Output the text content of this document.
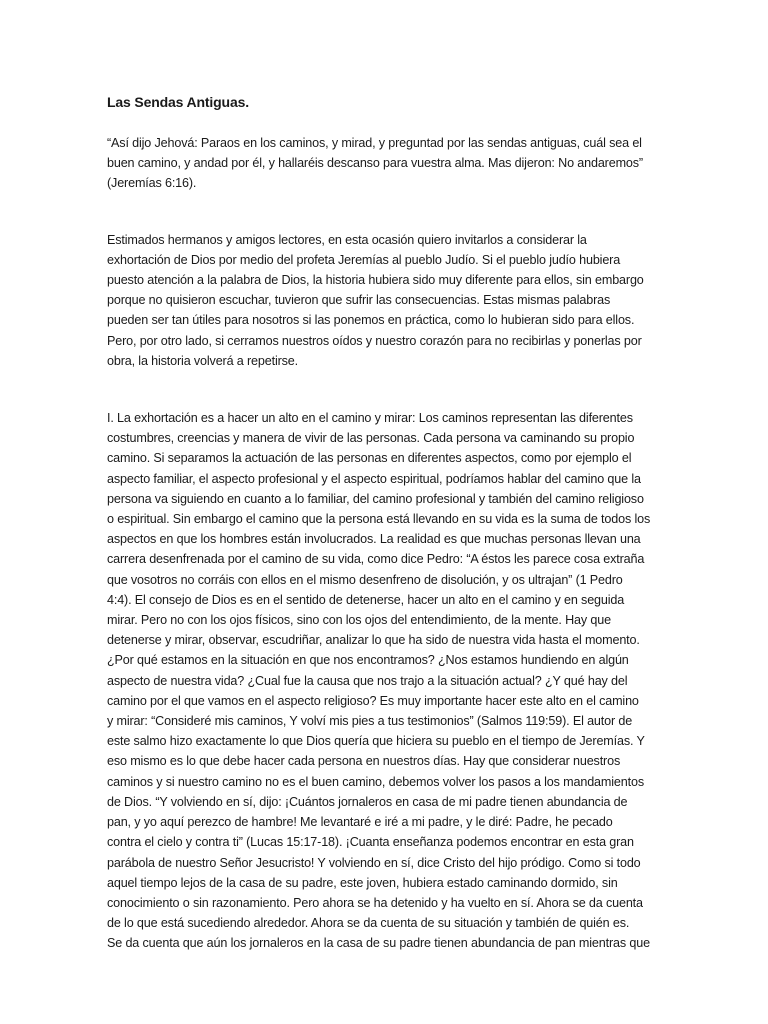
Las Sendas Antiguas.

“Así dijo Jehová: Paraos en los caminos, y mirad, y preguntad por las sendas antiguas, cuál sea el
buen camino, y andad por él, y hallaréis descanso para vuestra alma. Mas dijeron: No andaremos”
(Jeremías 6:16).

Estimados hermanos y amigos lectores, en esta ocasión quiero invitarlos a considerar la
exhortación de Dios por medio del profeta Jeremías al pueblo Judío. Si el pueblo judío hubiera
puesto atención a la palabra de Dios, la historia hubiera sido muy diferente para ellos, sin embargo
porque no quisieron escuchar, tuvieron que sufrir las consecuencias. Estas mismas palabras
pueden ser tan útiles para nosotros si las ponemos en práctica, como lo hubieran sido para ellos.
Pero, por otro lado, si cerramos nuestros oídos y nuestro corazón para no recibirlas y ponerlas por
obra, la historia volverá a repetirse.

I. La exhortación es a hacer un alto en el camino y mirar: Los caminos representan las diferentes
costumbres, creencias y manera de vivir de las personas. Cada persona va caminando su propio
camino. Si separamos la actuación de las personas en diferentes aspectos, como por ejemplo el
aspecto familiar, el aspecto profesional y el aspecto espiritual, podríamos hablar del camino que la
persona va siguiendo en cuanto a lo familiar, del camino profesional y también del camino religioso
o espiritual. Sin embargo el camino que la persona está llevando en su vida es la suma de todos los
aspectos en que los hombres están involucrados. La realidad es que muchas personas llevan una
carrera desenfrenada por el camino de su vida, como dice Pedro: “A éstos les parece cosa extraña
que vosotros no corráis con ellos en el mismo desenfreno de disolución, y os ultrajan” (1 Pedro
4:4). El consejo de Dios es en el sentido de detenerse, hacer un alto en el camino y en seguida
mirar. Pero no con los ojos físicos, sino con los ojos del entendimiento, de la mente. Hay que
detenerse y mirar, observar, escudriñar, analizar lo que ha sido de nuestra vida hasta el momento.
¿Por qué estamos en la situación en que nos encontramos? ¿Nos estamos hundiendo en algún
aspecto de nuestra vida? ¿Cual fue la causa que nos trajo a la situación actual? ¿Y qué hay del
camino por el que vamos en el aspecto religioso? Es muy importante hacer este alto en el camino
y mirar: “Consideré mis caminos, Y volví mis pies a tus testimonios” (Salmos 119:59). El autor de
este salmo hizo exactamente lo que Dios quería que hiciera su pueblo en el tiempo de Jeremías. Y
eso mismo es lo que debe hacer cada persona en nuestros días. Hay que considerar nuestros
caminos y si nuestro camino no es el buen camino, debemos volver los pasos a los mandamientos
de Dios. “Y volviendo en sí, dijo: ¡Cuántos jornaleros en casa de mi padre tienen abundancia de
pan, y yo aquí perezco de hambre! Me levantaré e iré a mi padre, y le diré: Padre, he pecado
contra el cielo y contra ti” (Lucas 15:17-18). ¡Cuanta enseñanza podemos encontrar en esta gran
parábola de nuestro Señor Jesucristo! Y volviendo en sí, dice Cristo del hijo pródigo. Como si todo
aquel tiempo lejos de la casa de su padre, este joven, hubiera estado caminando dormido, sin
conocimiento o sin razonamiento. Pero ahora se ha detenido y ha vuelto en sí. Ahora se da cuenta
de lo que está sucediendo alrededor. Ahora se da cuenta de su situación y también de quién es.
Se da cuenta que aún los jornaleros en la casa de su padre tienen abundancia de pan mientras que
